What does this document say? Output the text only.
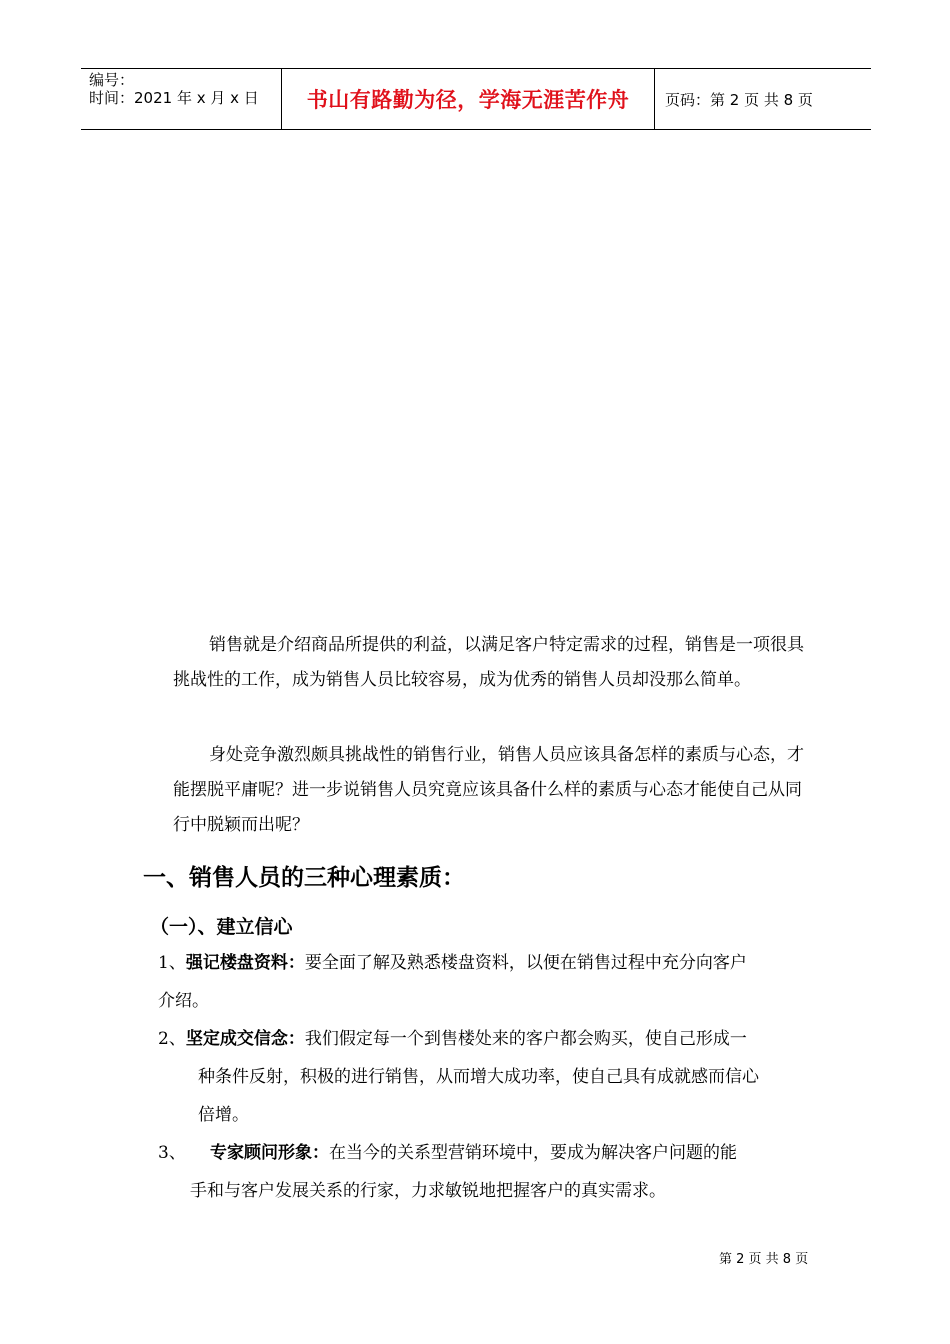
编号：
时间：2021 年 x 月 x 日	书山有路勤为径，学海无涯苦作舟 页码：第 2 页 共 8 页

销售就是介绍商品所提供的利益，以满足客户特定需求的过程，销售是一项很具挑战性的工作，成为销售人员比较容易，成为优秀的销售人员却没那么简单。

身处竞争激烈颇具挑战性的销售行业，销售人员应该具备怎样的素质与心态，才能摆脱平庸呢？进一步说销售人员究竟应该具备什么样的素质与心态才能使自己从同行中脱颖而出呢？

一、销售人员的三种心理素质：
（一）、建立信心

1、强记楼盘资料：要全面了解及熟悉楼盘资料，以便在销售过程中充分向客户

介绍。

2、坚定成交信念：我们假定每一个到售楼处来的客户都会购买，使自己形成一

种条件反射，积极的进行销售，从而增大成功率，使自己具有成就感而信心

倍增。

3、 专家顾问形象：在当今的关系型营销环境中，要成为解决客户问题的能

手和与客户发展关系的行家，力求敏锐地把握客户的真实需求。

第 2 页 共 8 页
